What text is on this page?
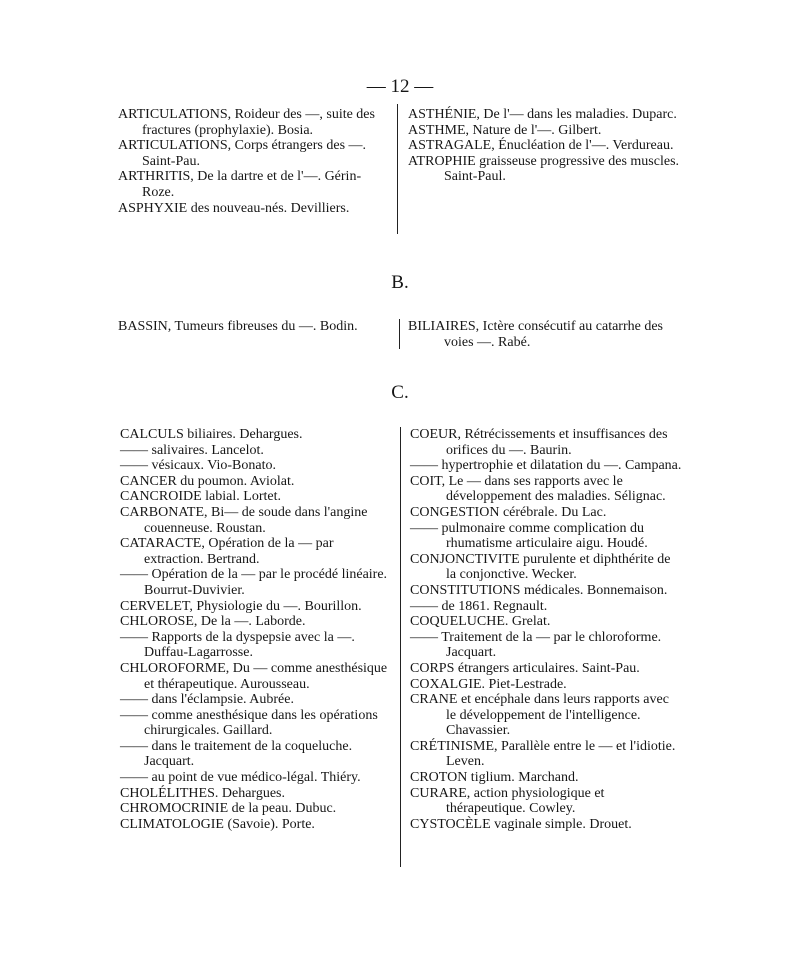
— 12 —
ARTICULATIONS, Roideur des —, suite des fractures (prophylaxie). Bosia.
ARTICULATIONS, Corps étrangers des —. Saint-Pau.
ARTHRITIS, De la dartre et de l'—. Gérin-Roze.
ASPHYXIE des nouveau-nés. Devilliers.
ASTHÉNIE, De l'— dans les maladies. Duparc.
ASTHME, Nature de l'—. Gilbert.
ASTRAGALE, Énucléation de l'—. Verdureau.
ATROPHIE graisseuse progressive des muscles. Saint-Paul.
B.
BASSIN, Tumeurs fibreuses du —. Bodin.	BILIAIRES, Ictère consécutif au catarrhe des voies —. Rabé.
C.
CALCULS biliaires. Dehargues.
—— salivaires. Lancelot.
—— vésicaux. Vio-Bonato.
CANCER du poumon. Aviolat.
CANCROIDE labial. Lortet.
CARBONATE, Bi— de soude dans l'angine couenneuse. Roustan.
CATARACTE, Opération de la — par extraction. Bertrand.
—— Opération de la — par le procédé linéaire. Bourrut-Duvivier.
CERVELET, Physiologie du —. Bourillon.
CHLOROSE, De la —. Laborde.
—— Rapports de la dyspepsie avec la —. Duffau-Lagarrosse.
CHLOROFORME, Du — comme anesthésique et thérapeutique. Aurousseau.
—— dans l'éclampsie. Aubrée.
—— comme anesthésique dans les opérations chirurgicales. Gaillard.
—— dans le traitement de la coqueluche. Jacquart.
—— au point de vue médico-légal. Thiéry.
CHOLÉLITHES. Dehargues.
CHROMOCRINIE de la peau. Dubuc.
CLIMATOLOGIE (Savoie). Porte.
COEUR, Rétrécissements et insuffisances des orifices du —. Baurin.
—— hypertrophie et dilatation du —. Campana.
COIT, Le — dans ses rapports avec le développement des maladies. Sélignac.
CONGESTION cérébrale. Du Lac.
—— pulmonaire comme complication du rhumatisme articulaire aigu. Houdé.
CONJONCTIVITE purulente et diphthérite de la conjonctive. Wecker.
CONSTITUTIONS médicales. Bonnemaison.
—— de 1861. Regnault.
COQUELUCHE. Grelat.
—— Traitement de la — par le chloroforme. Jacquart.
CORPS étrangers articulaires. Saint-Pau.
COXALGIE. Piet-Lestrade.
CRANE et encéphale dans leurs rapports avec le développement de l'intelligence. Chavassier.
CRÉTINISME, Parallèle entre le — et l'idiotie. Leven.
CROTON tiglium. Marchand.
CURARE, action physiologique et thérapeutique. Cowley.
CYSTOCÈLE vaginale simple. Drouet.
